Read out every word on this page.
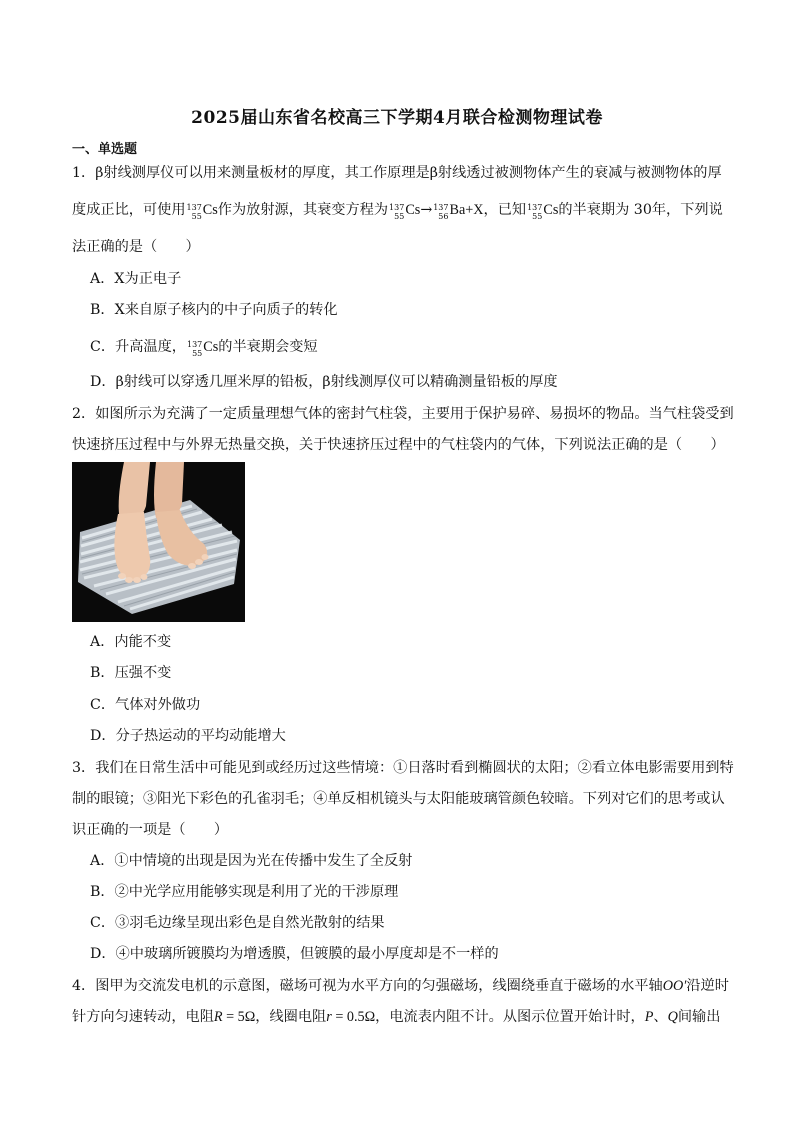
2025届山东省名校高三下学期4月联合检测物理试卷
一、单选题
1．β射线测厚仪可以用来测量板材的厚度，其工作原理是β射线透过被测物体产生的衰减与被测物体的厚
度成正比，可使用 137
55 Cs作为放射源，其衰变方程为 137
55 Cs→ 137
56 Ba+X，已知 137
55 Cs的半衰期为 30年，下列说
法正确的是（　　）
A．X为正电子
B．X来自原子核内的中子向质子的转化
C．升高温度， 137
55 Cs的半衰期会变短
D．β射线可以穿透几厘米厚的铅板，β射线测厚仪可以精确测量铅板的厚度
2．如图所示为充满了一定质量理想气体的密封气柱袋，主要用于保护易碎、易损坏的物品。当气柱袋受到
快速挤压过程中与外界无热量交换，关于快速挤压过程中的气柱袋内的气体，下列说法正确的是（　　）
A．内能不变
B．压强不变
C．气体对外做功
D．分子热运动的平均动能增大
3．我们在日常生活中可能见到或经历过这些情境：①日落时看到椭圆状的太阳；②看立体电影需要用到特
制的眼镜；③阳光下彩色的孔雀羽毛；④单反相机镜头与太阳能玻璃管颜色较暗。下列对它们的思考或认
识正确的一项是（　　）
A．①中情境的出现是因为光在传播中发生了全反射
B．②中光学应用能够实现是利用了光的干涉原理
C．③羽毛边缘呈现出彩色是自然光散射的结果
D．④中玻璃所镀膜均为增透膜，但镀膜的最小厚度却是不一样的
4．图甲为交流发电机的示意图，磁场可视为水平方向的匀强磁场，线圈绕垂直于磁场的水平轴OO′沿逆时
针方向匀速转动，电阻R = 5Ω，线圈电阻r = 0.5Ω，电流表内阻不计。从图示位置开始计时，P、Q间输出
